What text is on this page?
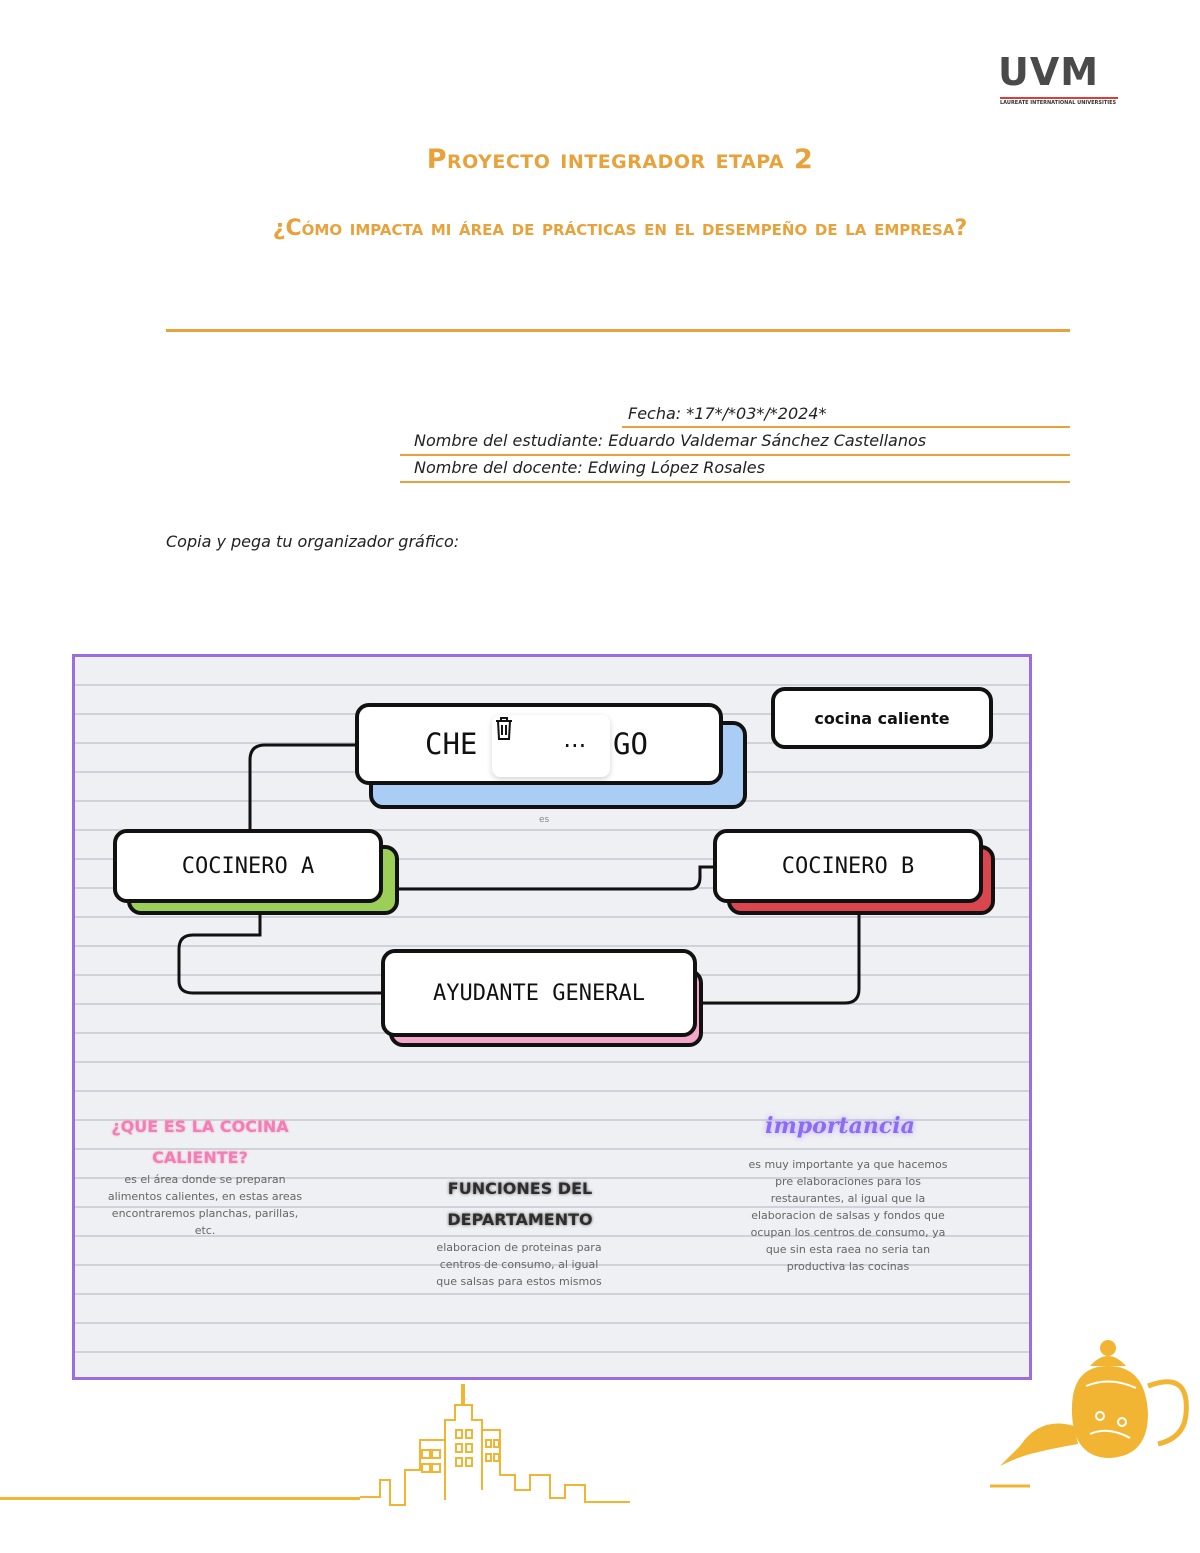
UVM
LAUREATE INTERNATIONAL UNIVERSITIES
Proyecto integrador etapa 2
¿Cómo impacta mi área de prácticas en el desempeño de la empresa?
Fecha: *17*/*03*/*2024*
Nombre del estudiante: Eduardo Valdemar Sánchez Castellanos
Nombre del docente: Edwing López Rosales
Copia y pega tu organizador gráfico:
CHE	GO
···
es
cocina caliente
COCINERO A	COCINERO B
AYUDANTE GENERAL
¿QUE ES LA COCINA CALIENTE?
es el área donde se preparan alimentos calientes, en estas areas encontraremos planchas, parillas, etc.
FUNCIONES DEL DEPARTAMENTO
elaboracion de proteinas para centros de consumo, al igual que salsas para estos mismos
importancia
es muy importante ya que hacemos pre elaboraciones para los restaurantes, al igual que la elaboracion de salsas y fondos que ocupan los centros de consumo, ya que sin esta raea no seria tan productiva las cocinas
